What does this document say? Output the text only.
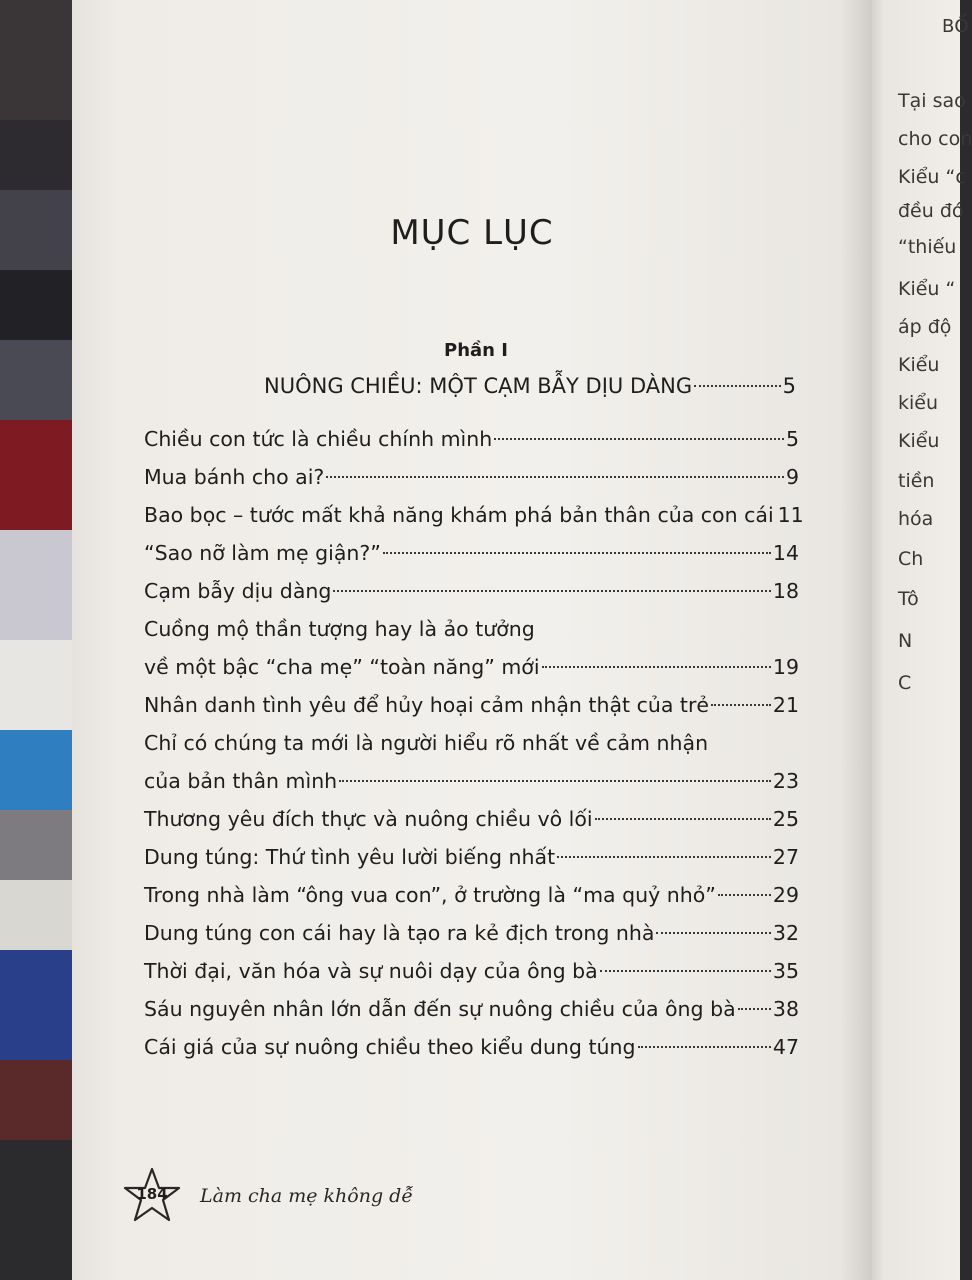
BỐ
Tại sao
cho con
Kiểu “c
đều đó
“thiếu
Kiểu “
áp độ
Kiểu
kiểu
Kiểu
tiền
hóa
Ch
Tô
N
C
MỤC LỤC
Phần I
NUÔNG CHIỀU: MỘT CẠM BẪY DỊU DÀNG	5
Chiều con tức là chiều chính mình	5
Mua bánh cho ai?	9
Bao bọc – tước mất khả năng khám phá bản thân của con cái 11
“Sao nỡ làm mẹ giận?”	14
Cạm bẫy dịu dàng	18
Cuồng mộ thần tượng hay là ảo tưởng
về một bậc “cha mẹ” “toàn năng” mới	19
Nhân danh tình yêu để hủy hoại cảm nhận thật của trẻ	21
Chỉ có chúng ta mới là người hiểu rõ nhất về cảm nhận
của bản thân mình	23
Thương yêu đích thực và nuông chiều vô lối	25
Dung túng: Thứ tình yêu lười biếng nhất	27
Trong nhà làm “ông vua con”, ở trường là “ma quỷ nhỏ”	29
Dung túng con cái hay là tạo ra kẻ địch trong nhà	32
Thời đại, văn hóa và sự nuôi dạy của ông bà	35
Sáu nguyên nhân lớn dẫn đến sự nuông chiều của ông bà 38
Cái giá của sự nuông chiều theo kiểu dung túng	47
184	Làm cha mẹ không dễ
